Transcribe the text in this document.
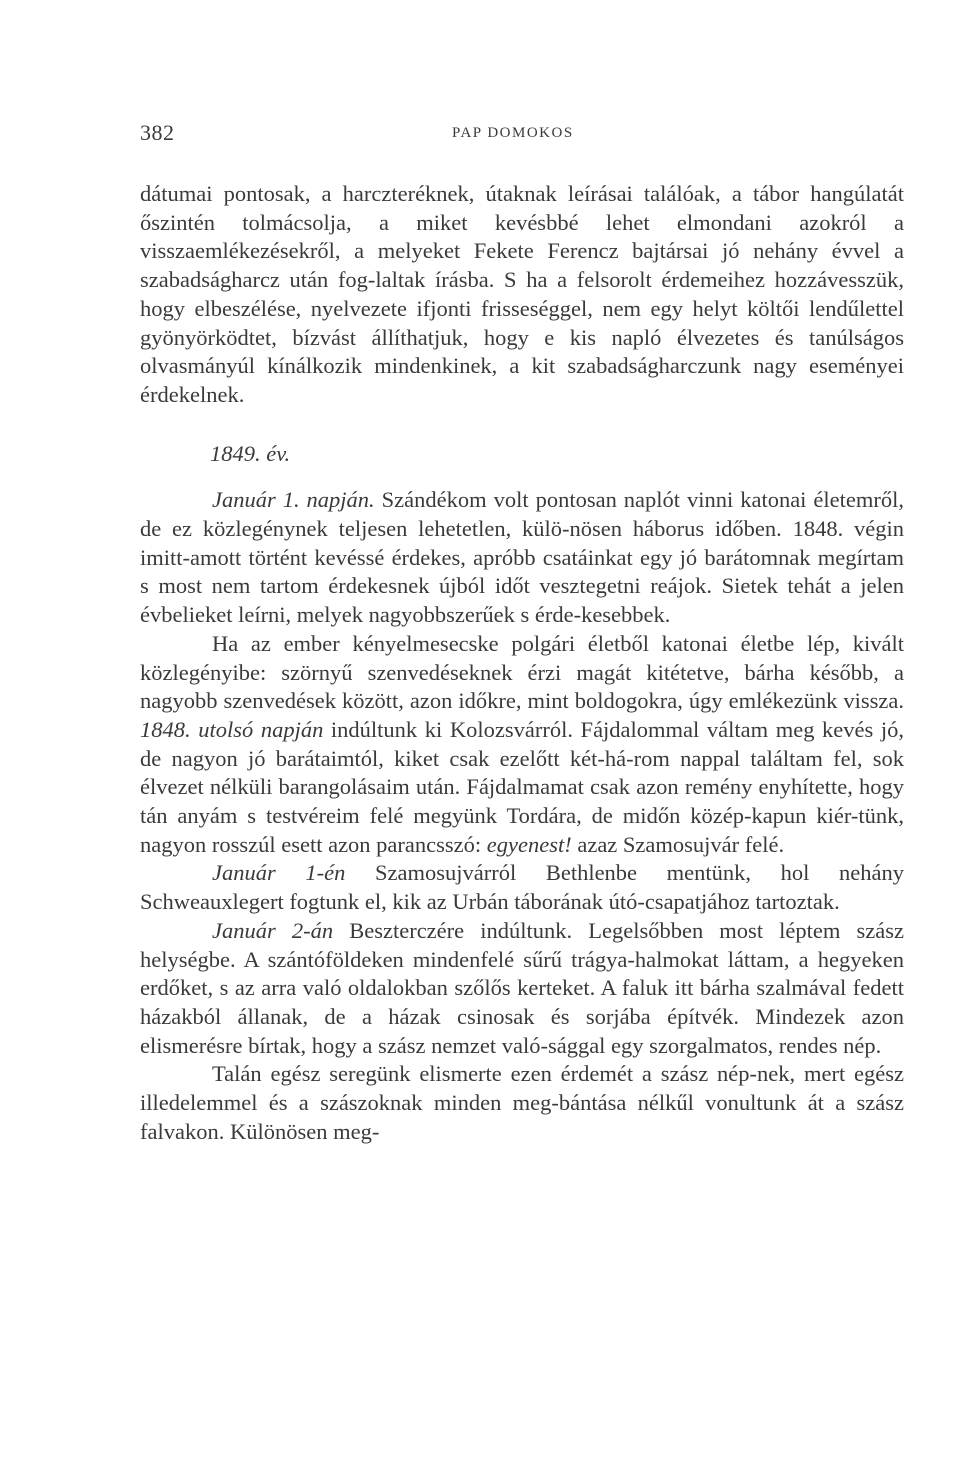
382	PAP DOMOKOS

dátumai pontosak, a harczteréknek, útaknak leírásai találóak, a tábor hangúlatát őszintén tolmácsolja, a miket kevésbbé lehet elmondani azokról a visszaemlékezésekről, a melyeket Fekete Ferencz bajtársai jó nehány évvel a szabadságharcz után fog-laltak írásba. S ha a felsorolt érdemeihez hozzávesszük, hogy elbeszélése, nyelvezete ifjonti frisseséggel, nem egy helyt költői lendűlettel gyönyörködtet, bízvást állíthatjuk, hogy e kis napló élvezetes és tanúlságos olvasmányúl kínálkozik mindenkinek, a kit szabadságharczunk nagy eseményei érdekelnek.

1849. év.

Január 1. napján. Szándékom volt pontosan naplót vinni katonai életemről, de ez közlegénynek teljesen lehetetlen, külö-nösen háborus időben. 1848. végin imitt-amott történt kevéssé érdekes, apróbb csatáinkat egy jó barátomnak megírtam s most nem tartom érdekesnek újból időt vesztegetni reájok. Sietek tehát a jelen évbelieket leírni, melyek nagyobbszerűek s érde-kesebbek.

Ha az ember kényelmesecske polgári életből katonai életbe lép, kivált közlegényibe: szörnyű szenvedéseknek érzi magát kitétetve, bárha később, a nagyobb szenvedések között, azon időkre, mint boldogokra, úgy emlékezünk vissza. 1848. utolsó napján indúltunk ki Kolozsvárról. Fájdalommal váltam meg kevés jó, de nagyon jó barátaimtól, kiket csak ezelőtt két-há-rom nappal találtam fel, sok élvezet nélküli barangolásaim után. Fájdalmamat csak azon remény enyhítette, hogy tán anyám s testvéreim felé megyünk Tordára, de midőn közép-kapun kiér-tünk, nagyon rosszúl esett azon parancsszó: egyenest! azaz Szamosujvár felé.

Január 1-én Szamosujvárról Bethlenbe mentünk, hol nehány Schweauxlegert fogtunk el, kik az Urbán táborának útó-csapatjához tartoztak.

Január 2-án Beszterczére indúltunk. Legelsőbben most léptem szász helységbe. A szántóföldeken mindenfelé sűrű trágya-halmokat láttam, a hegyeken erdőket, s az arra való oldalokban szőlős kerteket. A faluk itt bárha szalmával fedett házakból állanak, de a házak csinosak és sorjába építvék. Mindezek azon elismerésre bírtak, hogy a szász nemzet való-sággal egy szorgalmatos, rendes nép.

Talán egész seregünk elismerte ezen érdemét a szász nép-nek, mert egész illedelemmel és a szászoknak minden meg-bántása nélkűl vonultunk át a szász falvakon. Különösen meg-
